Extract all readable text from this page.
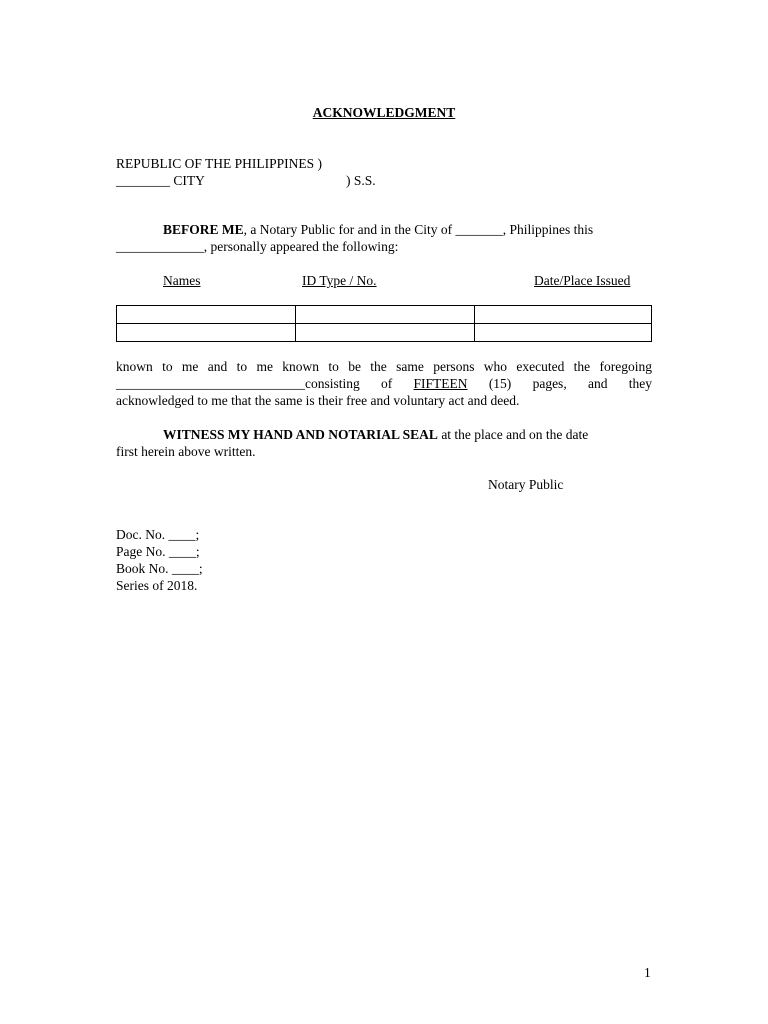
ACKNOWLEDGMENT
REPUBLIC OF THE PHILIPPINES )
________ CITY	) S.S.
BEFORE ME, a Notary Public for and in the City of _______, Philippines this
_____________, personally appeared the following:
Names	ID Type / No.	Date/Place Issued

known to me and to me known to be the same persons who executed the foregoing
____________________________consisting of FIFTEEN (15) pages, and they
acknowledged to me that the same is their free and voluntary act and deed.
WITNESS MY HAND AND NOTARIAL SEAL at the place and on the date
first herein above written.
Notary Public
Doc. No. ____;
Page No. ____;
Book No. ____;
Series of 2018.
1
